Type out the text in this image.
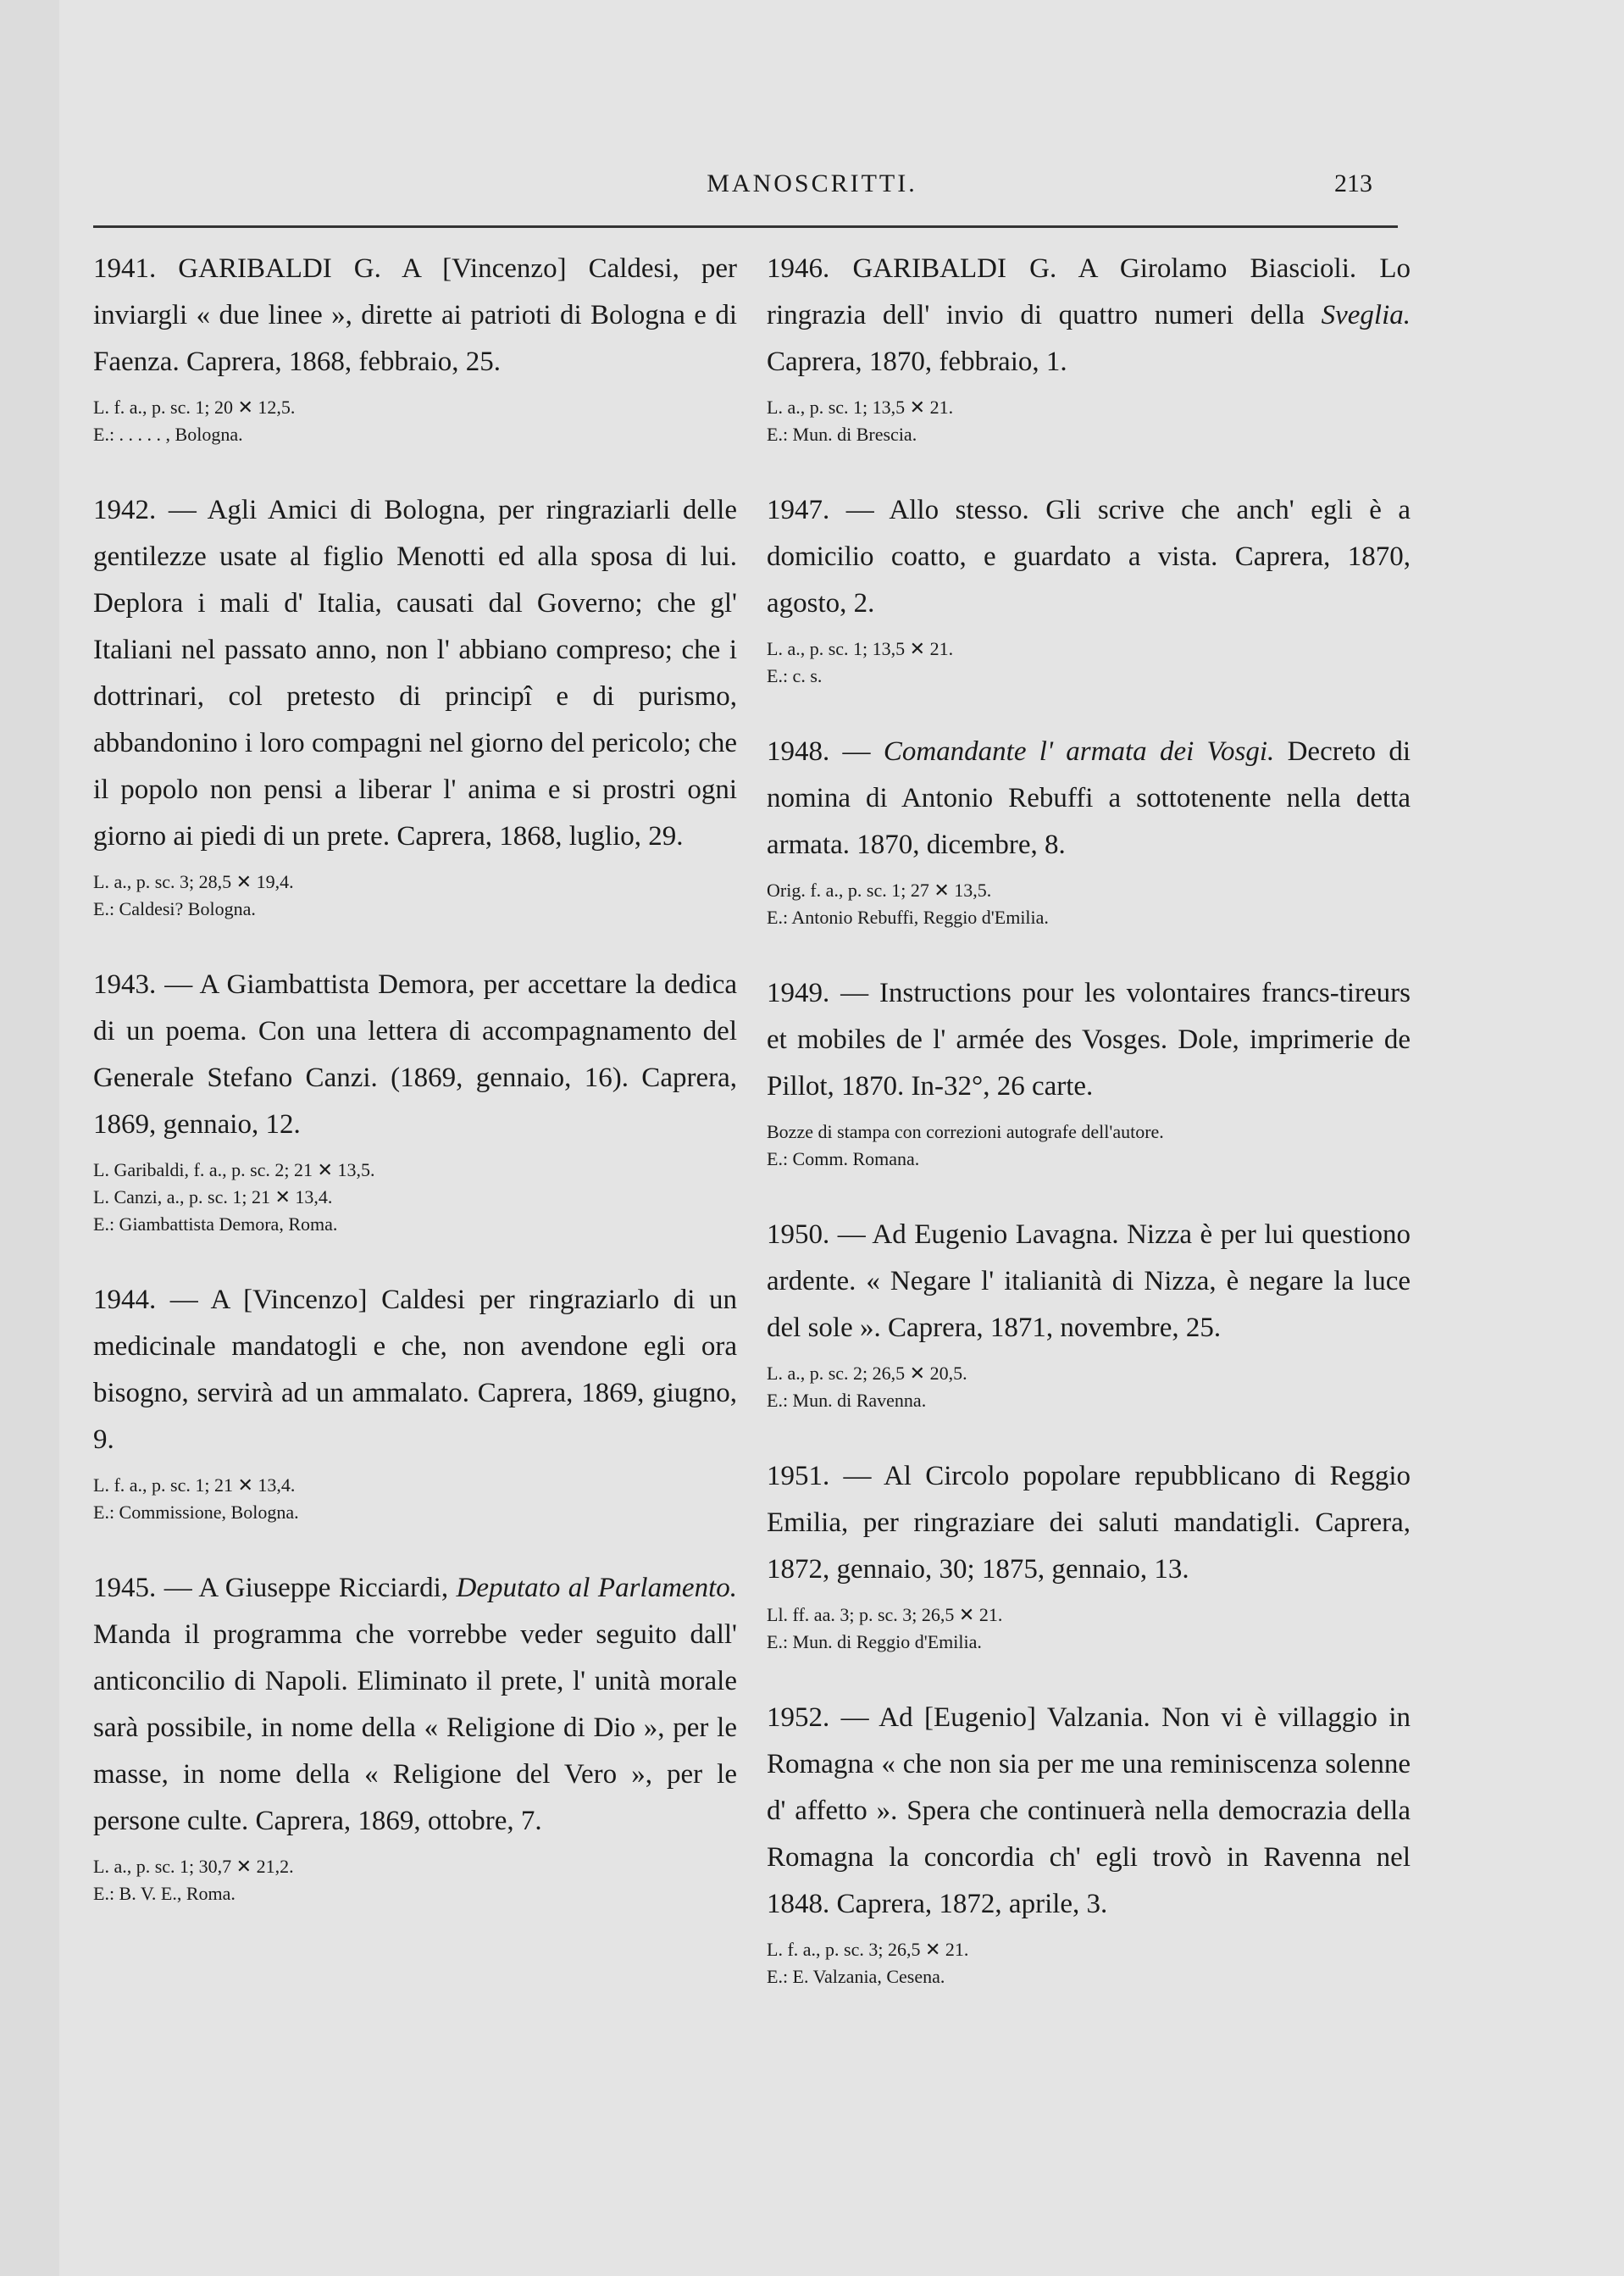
MANOSCRITTI.	213

1941. GARIBALDI G. A [Vincenzo] Caldesi, per inviargli « due linee », dirette ai patrioti di Bologna e di Faenza. Caprera, 1868, febbraio, 25.

L. f. a., p. sc. 1; 20 ✕ 12,5.
E.: . . . . . , Bologna.

1942. — Agli Amici di Bologna, per ringraziarli delle gentilezze usate al figlio Menotti ed alla sposa di lui. Deplora i mali d' Italia, causati dal Governo; che gl' Italiani nel passato anno, non l' abbiano compreso; che i dottrinari, col pretesto di principî e di purismo, abbandonino i loro compagni nel giorno del pericolo; che il popolo non pensi a liberar l' anima e si prostri ogni giorno ai piedi di un prete. Caprera, 1868, luglio, 29.

L. a., p. sc. 3; 28,5 ✕ 19,4.
E.: Caldesi? Bologna.

1943. — A Giambattista Demora, per accettare la dedica di un poema. Con una lettera di accompagnamento del Generale Stefano Canzi. (1869, gennaio, 16). Caprera, 1869, gennaio, 12.

L. Garibaldi, f. a., p. sc. 2; 21 ✕ 13,5.
L. Canzi, a., p. sc. 1; 21 ✕ 13,4.
E.: Giambattista Demora, Roma.

1944. — A [Vincenzo] Caldesi per ringraziarlo di un medicinale mandatogli e che, non avendone egli ora bisogno, servirà ad un ammalato. Caprera, 1869, giugno, 9.

L. f. a., p. sc. 1; 21 ✕ 13,4.
E.: Commissione, Bologna.

1945. — A Giuseppe Ricciardi, Deputato al Parlamento. Manda il programma che vorrebbe veder seguito dall' anticoncilio di Napoli. Eliminato il prete, l' unità morale sarà possibile, in nome della « Religione di Dio », per le masse, in nome della « Religione del Vero », per le persone culte. Caprera, 1869, ottobre, 7.

L. a., p. sc. 1; 30,7 ✕ 21,2.
E.: B. V. E., Roma.

1946. GARIBALDI G. A Girolamo Biascioli. Lo ringrazia dell' invio di quattro numeri della Sveglia. Caprera, 1870, febbraio, 1.

L. a., p. sc. 1; 13,5 ✕ 21.
E.: Mun. di Brescia.

1947. — Allo stesso. Gli scrive che anch' egli è a domicilio coatto, e guardato a vista. Caprera, 1870, agosto, 2.

L. a., p. sc. 1; 13,5 ✕ 21.
E.: c. s.

1948. — Comandante l' armata dei Vosgi. Decreto di nomina di Antonio Rebuffi a sottotenente nella detta armata. 1870, dicembre, 8.

Orig. f. a., p. sc. 1; 27 ✕ 13,5.
E.: Antonio Rebuffi, Reggio d'Emilia.

1949. — Instructions pour les volontaires francs-tireurs et mobiles de l' armée des Vosges. Dole, imprimerie de Pillot, 1870. In-32°, 26 carte.

Bozze di stampa con correzioni autografe dell'autore.
E.: Comm. Romana.

1950. — Ad Eugenio Lavagna. Nizza è per lui questiono ardente. « Negare l' italianità di Nizza, è negare la luce del sole ». Caprera, 1871, novembre, 25.

L. a., p. sc. 2; 26,5 ✕ 20,5.
E.: Mun. di Ravenna.

1951. — Al Circolo popolare repubblicano di Reggio Emilia, per ringraziare dei saluti mandatigli. Caprera, 1872, gennaio, 30; 1875, gennaio, 13.

Ll. ff. aa. 3; p. sc. 3; 26,5 ✕ 21.
E.: Mun. di Reggio d'Emilia.

1952. — Ad [Eugenio] Valzania. Non vi è villaggio in Romagna « che non sia per me una reminiscenza solenne d' affetto ». Spera che continuerà nella democrazia della Romagna la concordia ch' egli trovò in Ravenna nel 1848. Caprera, 1872, aprile, 3.

L. f. a., p. sc. 3; 26,5 ✕ 21.
E.: E. Valzania, Cesena.
